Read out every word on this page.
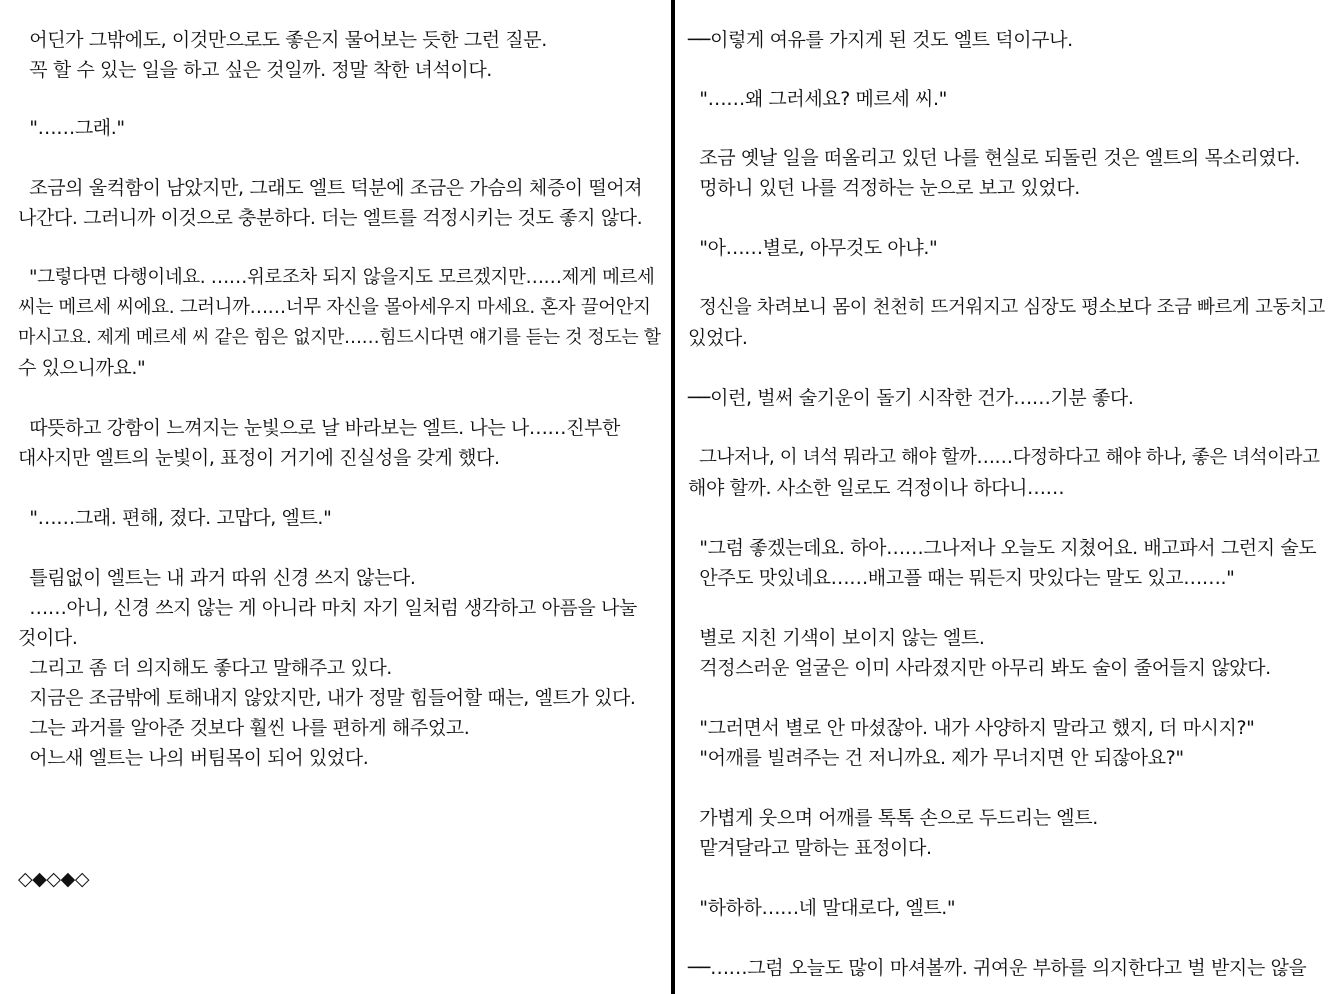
어딘가 그밖에도, 이것만으로도 좋은지 물어보는 듯한 그런 질문.
꼭 할 수 있는 일을 하고 싶은 것일까. 정말 착한 녀석이다.
"……그래."
조금의 울컥함이 남았지만, 그래도 엘트 덕분에 조금은 가슴의 체증이 떨어져
나간다. 그러니까 이것으로 충분하다. 더는 엘트를 걱정시키는 것도 좋지 않다.
"그렇다면 다행이네요. ……위로조차 되지 않을지도 모르겠지만……제게 메르세
씨는 메르세 씨에요. 그러니까……너무 자신을 몰아세우지 마세요. 혼자 끌어안지
마시고요. 제게 메르세 씨 같은 힘은 없지만……힘드시다면 얘기를 듣는 것 정도는 할
수 있으니까요."
따뜻하고 강함이 느껴지는 눈빛으로 날 바라보는 엘트. 나는 나……진부한
대사지만 엘트의 눈빛이, 표정이 거기에 진실성을 갖게 했다.
"……그래. 편해, 졌다. 고맙다, 엘트."
틀림없이 엘트는 내 과거 따위 신경 쓰지 않는다.
……아니, 신경 쓰지 않는 게 아니라 마치 자기 일처럼 생각하고 아픔을 나눌
것이다.
그리고 좀 더 의지해도 좋다고 말해주고 있다.
지금은 조금밖에 토해내지 않았지만, 내가 정말 힘들어할 때는, 엘트가 있다.
그는 과거를 알아준 것보다 훨씬 나를 편하게 해주었고.
어느새 엘트는 나의 버팀목이 되어 있었다.
◇◆◇◆◇
──이렇게 여유를 가지게 된 것도 엘트 덕이구나.
"……왜 그러세요? 메르세 씨."
조금 옛날 일을 떠올리고 있던 나를 현실로 되돌린 것은 엘트의 목소리였다.
멍하니 있던 나를 걱정하는 눈으로 보고 있었다.
"아……별로, 아무것도 아냐."
정신을 차려보니 몸이 천천히 뜨거워지고 심장도 평소보다 조금 빠르게 고동치고
있었다.
──이런, 벌써 술기운이 돌기 시작한 건가……기분 좋다.
그나저나, 이 녀석 뭐라고 해야 할까……다정하다고 해야 하나, 좋은 녀석이라고
해야 할까. 사소한 일로도 걱정이나 하다니……
"그럼 좋겠는데요. 하아……그나저나 오늘도 지쳤어요. 배고파서 그런지 술도
안주도 맛있네요……배고플 때는 뭐든지 맛있다는 말도 있고……."
별로 지친 기색이 보이지 않는 엘트.
걱정스러운 얼굴은 이미 사라졌지만 아무리 봐도 술이 줄어들지 않았다.
"그러면서 별로 안 마셨잖아. 내가 사양하지 말라고 했지, 더 마시지?"
"어깨를 빌려주는 건 저니까요. 제가 무너지면 안 되잖아요?"
가볍게 웃으며 어깨를 톡톡 손으로 두드리는 엘트.
맡겨달라고 말하는 표정이다.
"하하하……네 말대로다, 엘트."
──……그럼 오늘도 많이 마셔볼까. 귀여운 부하를 의지한다고 벌 받지는 않을
